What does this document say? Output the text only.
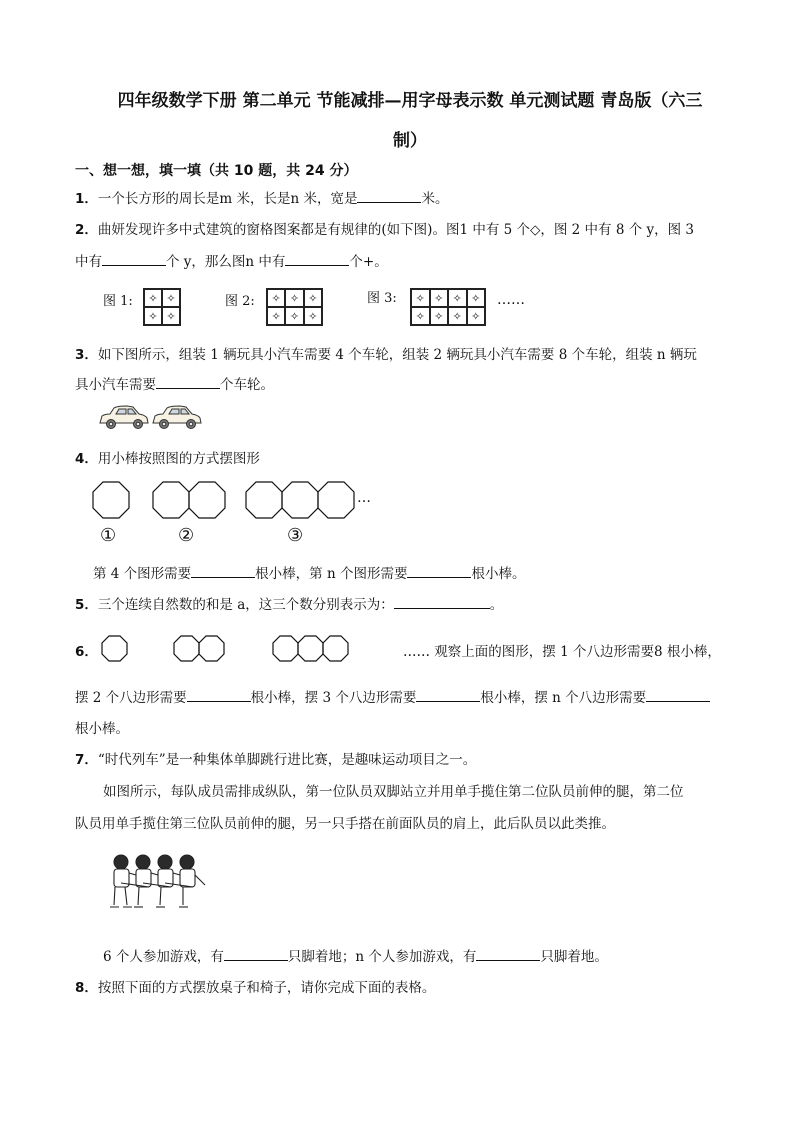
四年级数学下册 第二单元 节能减排—用字母表示数 单元测试题 青岛版（六三
制）
一、想一想，填一填（共 10 题，共 24 分）
1．一个长方形的周长是m 米，长是n 米，宽是	米。
2．曲妍发现许多中式建筑的窗格图案都是有规律的(如下图)。图1 中有 5 个◇，图 2 中有 8 个 y，图 3
中有	个 y，那么图n 中有	个+。
图 1:	✧ ✧
✧ ✧
图 2:	✧ ✧ ✧
✧ ✧ ✧
图 3:	✧ ✧ ✧ ✧
✧ ✧ ✧ ✧
……
3．如下图所示，组装 1 辆玩具小汽车需要 4 个车轮，组装 2 辆玩具小汽车需要 8 个车轮，组装 n 辆玩
具小汽车需要	个车轮。
4．用小棒按照图的方式摆图形
…
①	②	③
第 4 个图形需要	根小棒，第 n 个图形需要	根小棒。
5．三个连续自然数的和是 a，这三个数分别表示为：	。
6．	…… 观察上面的图形，摆 1 个八边形需要8 根小棒，
摆 2 个八边形需要	根小棒，摆 3 个八边形需要	根小棒，摆 n 个八边形需要
根小棒。
7．“时代列车”是一种集体单脚跳行进比赛，是趣味运动项目之一。
如图所示，每队成员需排成纵队，第一位队员双脚站立并用单手揽住第二位队员前伸的腿，第二位
队员用单手揽住第三位队员前伸的腿，另一只手搭在前面队员的肩上，此后队员以此类推。
6 个人参加游戏，有	只脚着地；n 个人参加游戏，有	只脚着地。
8．按照下面的方式摆放桌子和椅子，请你完成下面的表格。
